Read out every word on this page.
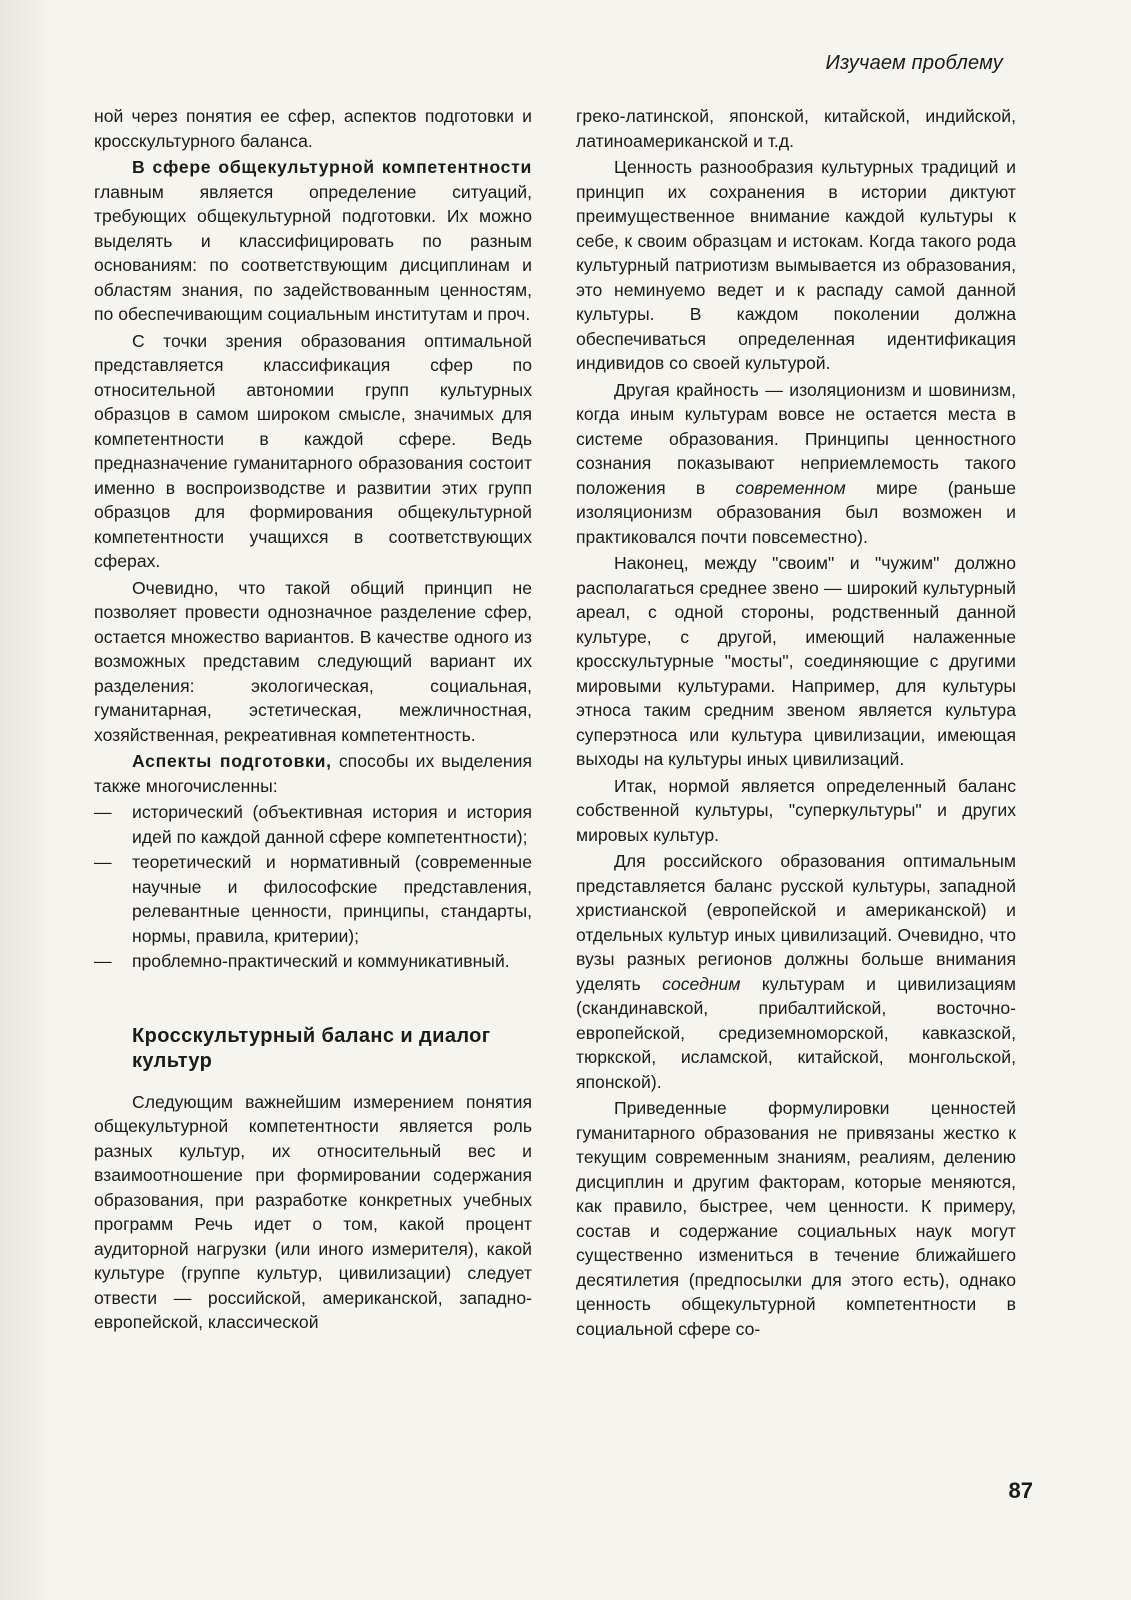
Изучаем проблему

ной через понятия ее сфер, аспектов подготовки и кросскультурного баланса.

В сфере общекультурной компетентности главным является определение ситуаций, требующих общекультурной подготовки. Их можно выделять и классифицировать по разным основаниям: по соответствующим дисциплинам и областям знания, по задействованным ценностям, по обеспечивающим социальным институтам и проч.

С точки зрения образования оптимальной представляется классификация сфер по относительной автономии групп культурных образцов в самом широком смысле, значимых для компетентности в каждой сфере. Ведь предназначение гуманитарного образования состоит именно в воспроизводстве и развитии этих групп образцов для формирования общекультурной компетентности учащихся в соответствующих сферах.

Очевидно, что такой общий принцип не позволяет провести однозначное разделение сфер, остается множество вариантов. В качестве одного из возможных представим следующий вариант их разделения: экологическая, социальная, гуманитарная, эстетическая, межличностная, хозяйственная, рекреативная компетентность.

Аспекты подготовки, способы их выделения также многочисленны:

— исторический (объективная история и история идей по каждой данной сфере компетентности);
— теоретический и нормативный (современные научные и философские представления, релевантные ценности, принципы, стандарты, нормы, правила, критерии);
— проблемно-практический и коммуникативный.
Кросскультурный баланс и диалог культур

Следующим важнейшим измерением понятия общекультурной компетентности является роль разных культур, их относительный вес и взаимоотношение при формировании содержания образования, при разработке конкретных учебных программ Речь идет о том, какой процент аудиторной нагрузки (или иного измерителя), какой культуре (группе культур, цивилизации) следует отвести — российской, американской, западно-европейской, классической

греко-латинской, японской, китайской, индийской, латиноамериканской и т.д.

Ценность разнообразия культурных традиций и принцип их сохранения в истории диктуют преимущественное внимание каждой культуры к себе, к своим образцам и истокам. Когда такого рода культурный патриотизм вымывается из образования, это неминуемо ведет и к распаду самой данной культуры. В каждом поколении должна обеспечиваться определенная идентификация индивидов со своей культурой.

Другая крайность — изоляционизм и шовинизм, когда иным культурам вовсе не остается места в системе образования. Принципы ценностного сознания показывают неприемлемость такого положения в современном мире (раньше изоляционизм образования был возможен и практиковался почти повсеместно).

Наконец, между "своим" и "чужим" должно располагаться среднее звено — широкий культурный ареал, с одной стороны, родственный данной культуре, с другой, имеющий налаженные кросскультурные "мосты", соединяющие с другими мировыми культурами. Например, для культуры этноса таким средним звеном является культура суперэтноса или культура цивилизации, имеющая выходы на культуры иных цивилизаций.

Итак, нормой является определенный баланс собственной культуры, "суперкультуры" и других мировых культур.

Для российского образования оптимальным представляется баланс русской культуры, западной христианской (европейской и американской) и отдельных культур иных цивилизаций. Очевидно, что вузы разных регионов должны больше внимания уделять соседним культурам и цивилизациям (скандинавской, прибалтийской, восточно-европейской, средиземноморской, кавказской, тюркской, исламской, китайской, монгольской, японской).

Приведенные формулировки ценностей гуманитарного образования не привязаны жестко к текущим современным знаниям, реалиям, делению дисциплин и другим факторам, которые меняются, как правило, быстрее, чем ценности. К примеру, состав и содержание социальных наук могут существенно измениться в течение ближайшего десятилетия (предпосылки для этого есть), однако ценность общекультурной компетентности в социальной сфере со-

87
